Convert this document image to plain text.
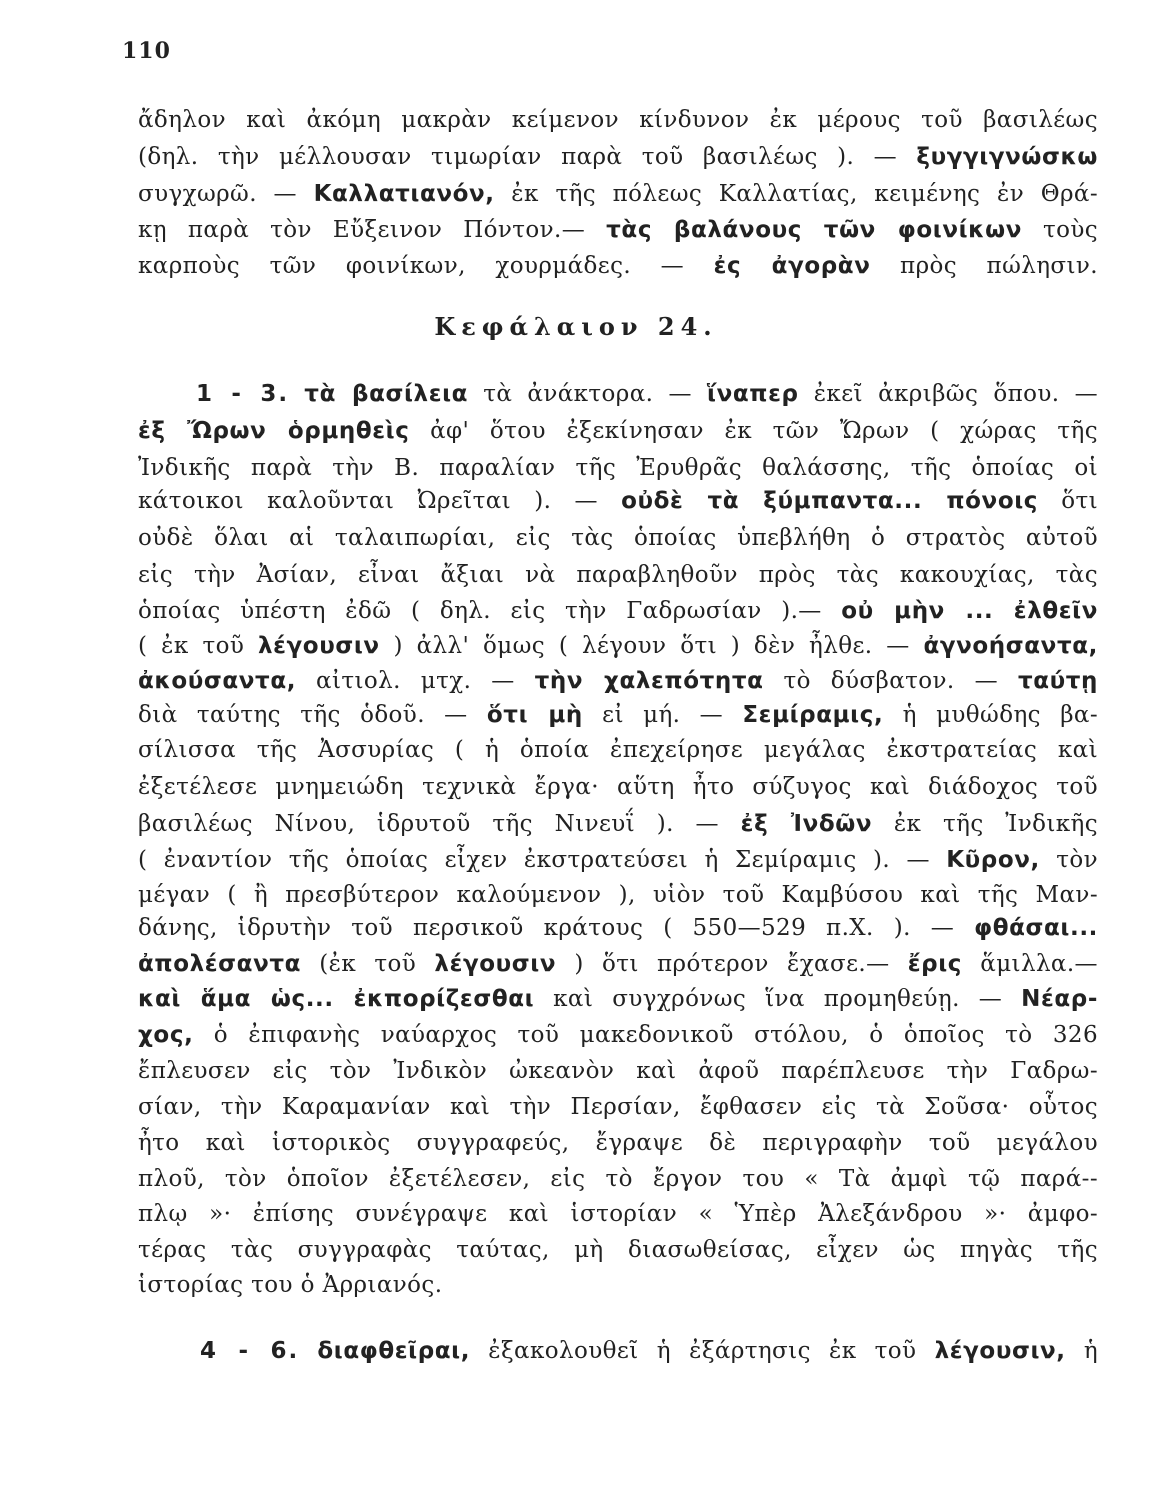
110
ἄδηλον καὶ ἀκόμη μακρὰν κείμενον κίνδυνον ἐκ μέρους τοῦ βασιλέως
(δηλ. τὴν μέλλουσαν τιμωρίαν παρὰ τοῦ βασιλέως ). — ξυγγιγνώσκω
συγχωρῶ. — Καλλατιανόν, ἐκ τῆς πόλεως Καλλατίας, κειμένης ἐν Θρά-
κῃ παρὰ τὸν Εὔξεινον Πόντον.— τὰς βαλάνους τῶν φοινίκων τοὺς
καρποὺς τῶν φοινίκων, χουρμάδες. — ἐς ἀγορὰν πρὸς πώλησιν.
Κεφάλαιον 24.
1 - 3. τὰ βασίλεια τὰ ἀνάκτορα. — ἵναπερ ἐκεῖ ἀκριβῶς ὅπου. —
ἐξ Ὤρων ὁρμηθεὶς ἀφ' ὅτου ἐξεκίνησαν ἐκ τῶν Ὤρων ( χώρας τῆς
Ἰνδικῆς παρὰ τὴν Β. παραλίαν τῆς Ἐρυθρᾶς θαλάσσης, τῆς ὁποίας οἱ
κάτοικοι καλοῦνται Ὠρεῖται ). — οὐδὲ τὰ ξύμπαντα... πόνοις ὅτι
οὐδὲ ὅλαι αἱ ταλαιπωρίαι, εἰς τὰς ὁποίας ὑπεβλήθη ὁ στρατὸς αὐτοῦ
εἰς τὴν Ἀσίαν, εἶναι ἄξιαι νὰ παραβληθοῦν πρὸς τὰς κακουχίας, τὰς
ὁποίας ὑπέστη ἐδῶ ( δηλ. εἰς τὴν Γαδρωσίαν ).— οὐ μὴν ... ἐλθεῖν
( ἐκ τοῦ λέγουσιν ) ἀλλ' ὅμως ( λέγουν ὅτι ) δὲν ἦλθε. — ἀγνοήσαντα,
ἀκούσαντα, αἰτιολ. μτχ. — τὴν χαλεπότητα τὸ δύσβατον. — ταύτῃ
διὰ ταύτης τῆς ὁδοῦ. — ὅτι μὴ εἰ μή. — Σεμίραμις, ἡ μυθώδης βα-
σίλισσα τῆς Ἀσσυρίας ( ἡ ὁποία ἐπεχείρησε μεγάλας ἐκστρατείας καὶ
ἐξετέλεσε μνημειώδη τεχνικὰ ἔργα· αὕτη ἦτο σύζυγος καὶ διάδοχος τοῦ
βασιλέως Νίνου, ἱδρυτοῦ τῆς Νινευΐ ). — ἐξ Ἰνδῶν ἐκ τῆς Ἰνδικῆς
( ἐναντίον τῆς ὁποίας εἶχεν ἐκστρατεύσει ἡ Σεμίραμις ). — Κῦρον, τὸν
μέγαν ( ἢ πρεσβύτερον καλούμενον ), υἱὸν τοῦ Καμβύσου καὶ τῆς Μαν-
δάνης, ἱδρυτὴν τοῦ περσικοῦ κράτους ( 550—529 π.Χ. ). — φθάσαι...
ἀπολέσαντα (ἐκ τοῦ λέγουσιν ) ὅτι πρότερον ἔχασε.— ἔρις ἅμιλλα.—
καὶ ἅμα ὡς... ἐκπορίζεσθαι καὶ συγχρόνως ἵνα προμηθεύῃ. — Νέαρ-
χος, ὁ ἐπιφανὴς ναύαρχος τοῦ μακεδονικοῦ στόλου, ὁ ὁποῖος τὸ 326
ἔπλευσεν εἰς τὸν Ἰνδικὸν ὠκεανὸν καὶ ἀφοῦ παρέπλευσε τὴν Γαδρω-
σίαν, τὴν Καραμανίαν καὶ τὴν Περσίαν, ἔφθασεν εἰς τὰ Σοῦσα· οὗτος
ἦτο καὶ ἱστορικὸς συγγραφεύς, ἔγραψε δὲ περιγραφὴν τοῦ μεγάλου
πλοῦ, τὸν ὁποῖον ἐξετέλεσεν, εἰς τὸ ἔργον του « Τὰ ἀμφὶ τῷ παρά--
πλῳ »· ἐπίσης συνέγραψε καὶ ἱστορίαν « Ὑπὲρ Ἀλεξάνδρου »· ἀμφο-
τέρας τὰς συγγραφὰς ταύτας, μὴ διασωθείσας, εἶχεν ὡς πηγὰς τῆς
ἱστορίας του ὁ Ἀρριανός.
4 - 6. διαφθεῖραι, ἐξακολουθεῖ ἡ ἐξάρτησις ἐκ τοῦ λέγουσιν, ἡ
